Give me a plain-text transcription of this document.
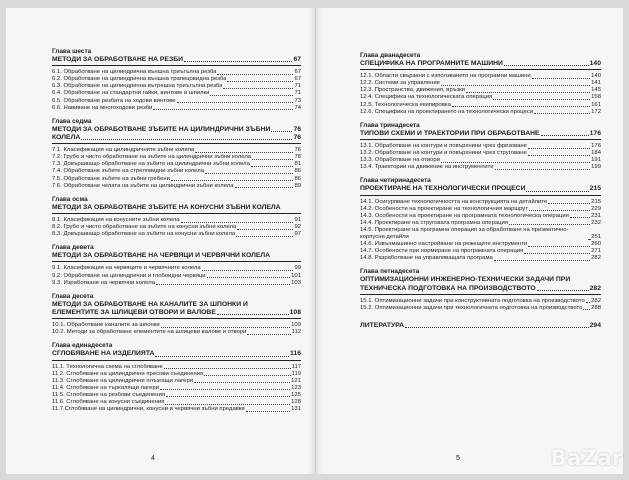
Глава шеста
МЕТОДИ ЗА ОБРАБОТВАНЕ НА РЕЗБИ	67
6.1. Обработване на цилиндрична външна триъгълна резба	67
6.2. Обработване на цилиндрична външна трапецовидна резба	67
6.3. Обработване на цилиндрична вътрешна триъгълна резба	71
6.4. Обработване на стандартни гайки, винтове и шпилки	71
6.5. Обработване резбата на ходови винтове	73
6.6. Навиване на многоходови резби	74
Глава седма
МЕТОДИ ЗА ОБРАБОТВАНЕ ЗЪБИТЕ НА ЦИЛИНДРИЧНИ ЗЪБНИ	76
КОЛЕЛА	76
7.1. Класификация на цилиндричните зъбни колела	76
7.2. Грубо и чисто обработване на зъбите на цилиндрични зъбни колела	78
7.3. Довършващо обработване на зъбите на цилиндрични зъбни колела	81
7.4. Обработване зъбите на стреловидни зъбни колела	86
7.5. Обработване зъбите на зъбни гребени	86
7.6. Обработване челата на зъбите на цилиндрични зъбни колела	89
Глава осма
МЕТОДИ ЗА ОБРАБОТВАНЕ ЗЪБИТЕ НА КОНУСНИ ЗЪБНИ КОЛЕЛА
8.1. Класификация на конусните зъбни колела	91
8.2. Грубо и чисто обработване на зъбите на конусни зъбни колела	92
8.3. Довършващо обработване на зъбите на конусни зъбни колела	97
Глава девета
МЕТОДИ ЗА ОБРАБОТВАНЕ НА ЧЕРВЯЦИ И ЧЕРВЯЧНИ КОЛЕЛА
9.1. Класификация на червяците и червячните колела	99
9.2. Обработване на цилиндрични и глобоидни червяци	101
9.3. Изработване на червячни колела	103
Глава десета
МЕТОДИ ЗА ОБРАБОТВАНЕ НА КАНАЛИТЕ ЗА ШПОНКИ И
ЕЛЕМЕНТИТЕ ЗА ШЛИЦЕВИ ОТВОРИ И ВАЛОВЕ	108
10.1. Обработване каналите за шпонки	109
10.2. Методи за обработване елементите на шлицеви валове и отвори	112
Глава единадесета
СГЛОБЯВАНЕ НА ИЗДЕЛИЯТА	116
11.1. Технологична схема на сглобяване	117
11.2. Сглобяване на цилиндрични пресови съединения	119
11.3. Сглобяване на цилиндрични плъзгащи лагери	121
11.4. Сглобяване на търкалящи лагери	123
11.5. Сглобяване на резбови съединения	125
11.6. Сглобяване на конусни съединения	128
11.7.Сглобяване на цилиндрични, конусни и червячни зъбни предавки	131
4
Глава дванадесета
СПЕЦИФИКА НА ПРОГРАМНИТЕ МАШИНИ	140
12.1. Области свързани с използването на програмни машини	140
12.2. Системи за управление	141
12.3. Пространства, движения, връзки	145
12.4. Специфика на технологическата операция	158
12.5. Технологическа екипировка	161
12.6. Специфика на проектирането на технологически процеси	172
Глава тринадесета
ТИПОВИ СХЕМИ И ТРАЕКТОРИИ ПРИ ОБРАБОТВАНЕ	176
13.1. Обработване на контури и повърхнини чрез фрезоване	176
13.2. Обработване на контури и повърхнини чрез струговане	184
13.3. Обработване на отвори	191
13.4. Траектории на движение на инструментите	199
Глава четиринадесета
ПРОЕКТИРАНЕ НА ТЕХНОЛОГИЧЕСКИ ПРОЦЕСИ	215
14.1. Осигуряване технологичността на конструкцията на детайлите	215
14.2. Особености на проектиране на технологичния маршрут	229
14.3. Особености на проектиране на програмната технологическа операция	231
14.4. Проектиране на струговата програмна операция	232
14.5. Проектиране на програмна операция за обработване на призматично-корпусни детайли	251
14.6. Извънмашинно настройване на режещите инструменти	260
14.7. Особености при нормиране на програмната операция	271
14.8. Разработване на управляващата програма	282
Глава петнадесета
ОПТИМИЗАЦИОННИ ИНЖЕНЕРНО-ТЕХНИЧЕСКИ ЗАДАЧИ ПРИ
ТЕХНИЧЕСКА ПОДГОТОВКА НА ПРОИЗВОДСТВОТО	282
15.1. Оптимизационни задачи при конструктивната подготовка на производството 282
15.2. Оптимизационни задачи при технологичната подготовка на производството 288
ЛИТЕРАТУРА	294
5	BaZar
